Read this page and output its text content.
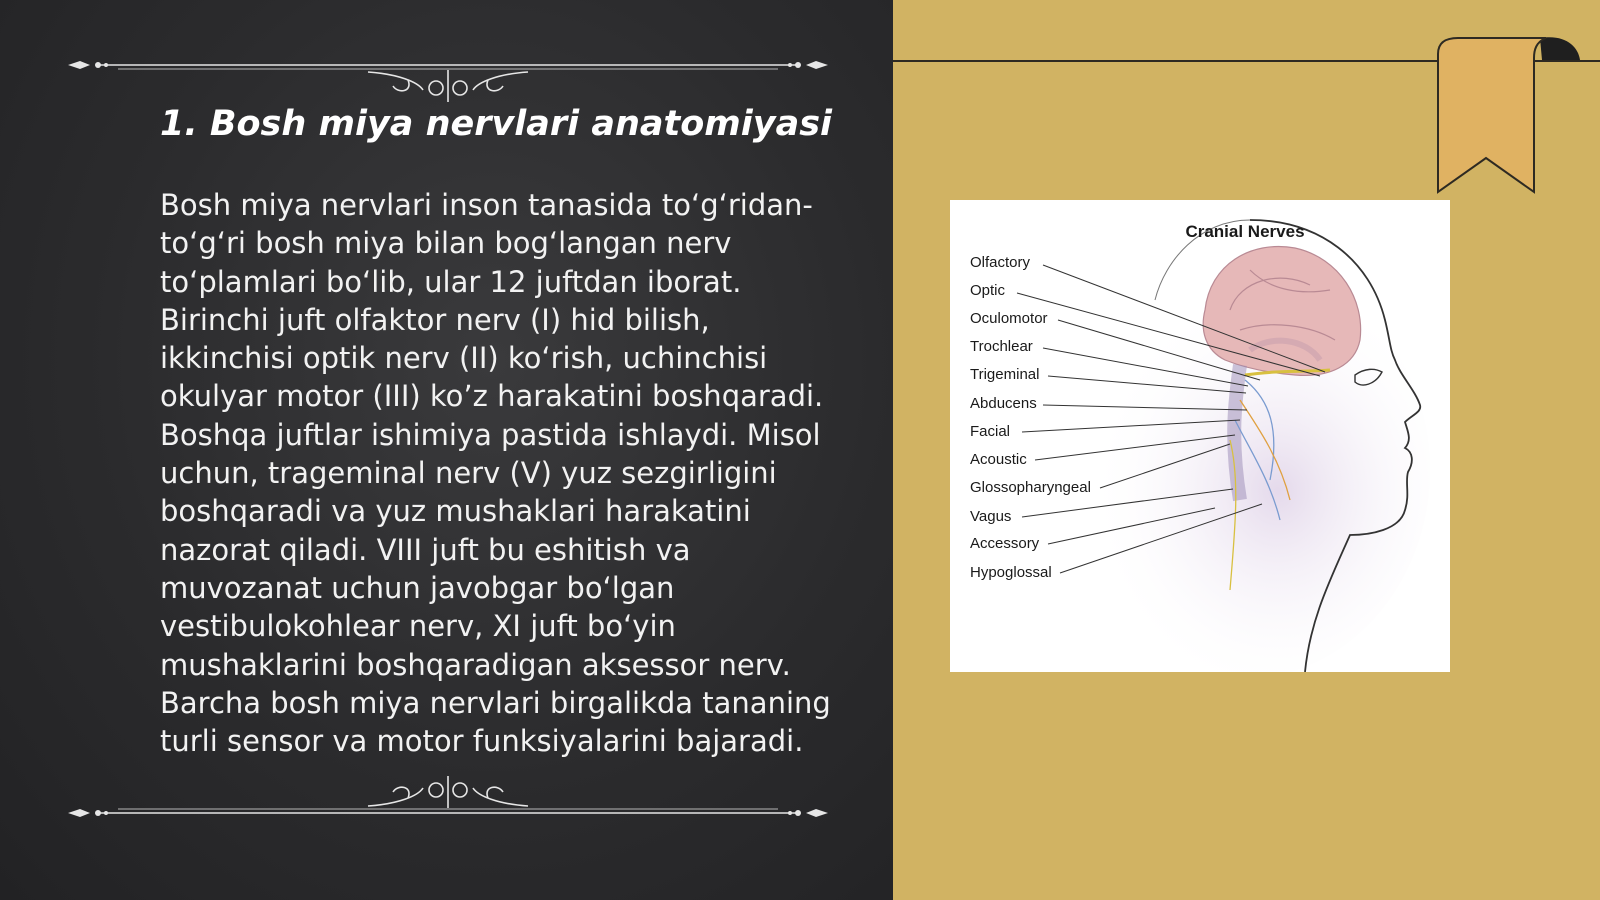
1. Bosh miya nervlari anatomiyasi

Bosh miya nervlari inson tanasida to‘g‘ridan-to‘g‘ri bosh miya bilan bog‘langan nerv to‘plamlari bo‘lib, ular 12 juftdan iborat. Birinchi juft olfaktor nerv (I) hid bilish, ikkinchisi optik nerv (II) ko‘rish, uchinchisi okulyar motor (III) ko’z harakatini boshqaradi. Boshqa juftlar ishimiya pastida ishlaydi. Misol uchun, trageminal nerv (V) yuz sezgirligini boshqaradi va yuz mushaklari harakatini nazorat qiladi. VIII juft bu eshitish va muvozanat uchun javobgar bo‘lgan vestibulokohlear nerv, XI juft bo‘yin mushaklarini boshqaradigan aksessor nerv. Barcha bosh miya nervlari birgalikda tananing turli sensor va motor funksiyalarini bajaradi.

Cranial Nerves
Olfactory
Optic
Oculomotor
Trochlear
Trigeminal
Abducens
Facial
Acoustic
Glossopharyngeal
Vagus
Accessory
Hypoglossal
